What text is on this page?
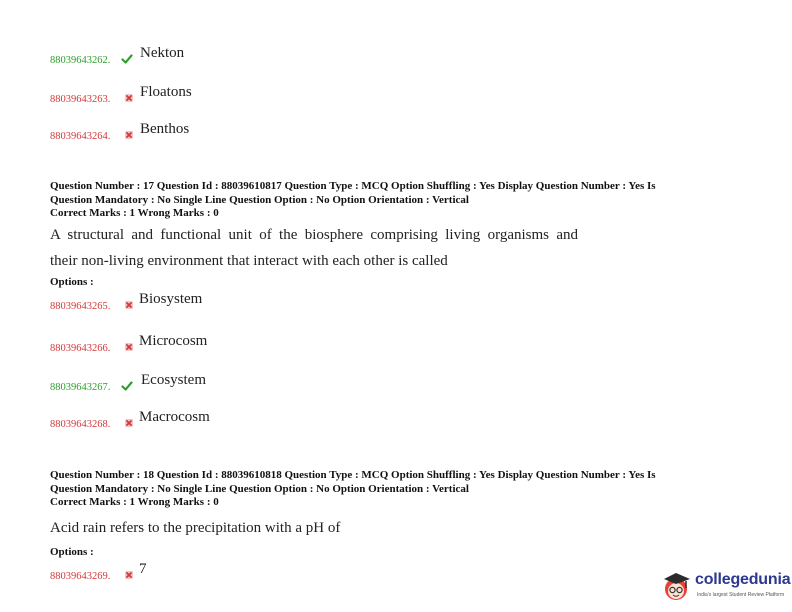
88039643262. Nekton
88039643263. Floatons
88039643264. Benthos
Question Number : 17 Question Id : 88039610817 Question Type : MCQ Option Shuffling : Yes Display Question Number : Yes Is
Question Mandatory : No Single Line Question Option : No Option Orientation : Vertical
Correct Marks : 1 Wrong Marks : 0
A structural and functional unit of the biosphere comprising living organisms and
their non-living environment that interact with each other is called
Options :
88039643265. Biosystem
88039643266. Microcosm
88039643267. Ecosystem
88039643268. Macrocosm
Question Number : 18 Question Id : 88039610818 Question Type : MCQ Option Shuffling : Yes Display Question Number : Yes Is
Question Mandatory : No Single Line Question Option : No Option Orientation : Vertical
Correct Marks : 1 Wrong Marks : 0
Acid rain refers to the precipitation with a pH of
Options :
88039643269. 7
collegedunia
India's largest Student Review Platform
